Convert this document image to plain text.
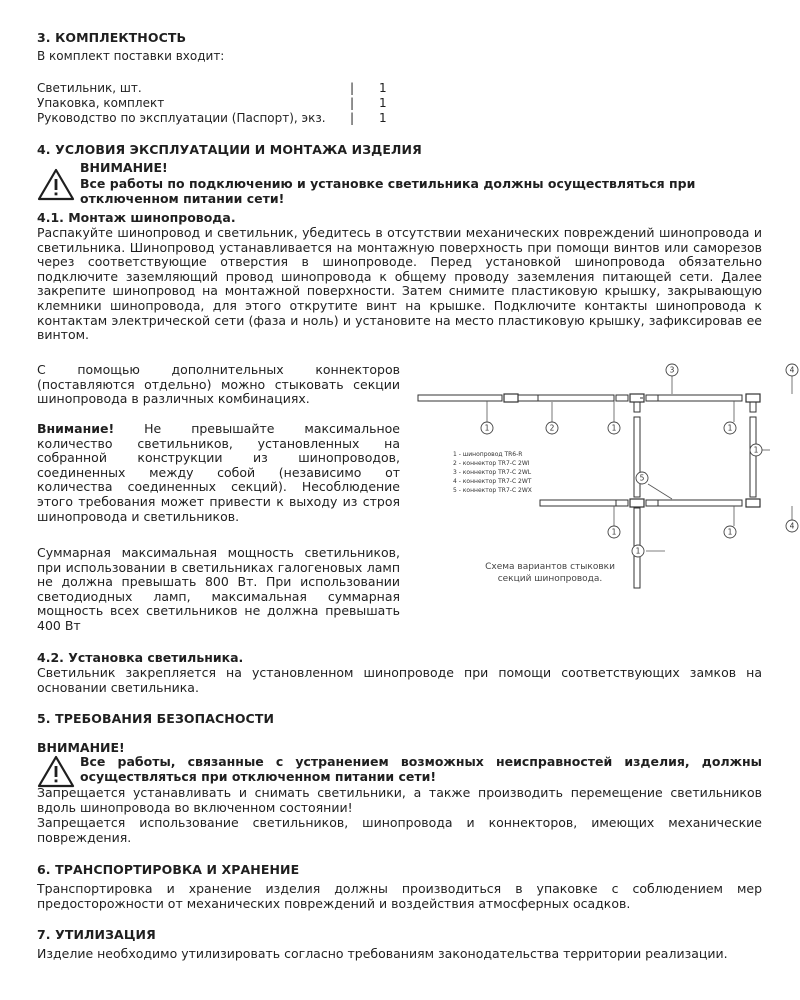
3. КОМПЛЕКТНОСТЬ
В комплект поставки входит:
Светильник, шт.	| 1
Упаковка, комплект	| 1
Руководство по эксплуатации (Паспорт), экз. | 1
4. УСЛОВИЯ ЭКСПЛУАТАЦИИ И МОНТАЖА ИЗДЕЛИЯ
ВНИМАНИЕ!
Все работы по подключению и установке светильника должны осуществляться при отключенном питании сети!
4.1. Монтаж шинопровода.
Распакуйте шинопровод и светильник, убедитесь в отсутствии механических повреждений шинопровода и светильника. Шинопровод устанавливается на монтажную поверхность при помощи винтов или саморезов через соответствующие отверстия в шинопроводе. Перед установкой шинопровода обязательно подключите заземляющий провод шинопровода к общему проводу заземления питающей сети. Далее закрепите шинопровод на монтажной поверхности. Затем снимите пластиковую крышку, закрывающую клемники шинопровода, для этого открутите винт на крышке. Подключите контакты шинопровода к контактам электрической сети (фаза и ноль) и установите на место пластиковую крышку, зафиксировав ее винтом.
С помощью дополнительных коннекторов (поставляются отдельно) можно стыковать секции шинопровода в различных комбинациях.
Внимание! Не превышайте максимальное количество светильников, установленных на собранной конструкции из шинопроводов, соединенных между собой (независимо от количества соединенных секций). Несоблюдение этого требования может привести к выходу из строя шинопровода и светильников.
Суммарная максимальная мощность светильников, при использовании в светильниках галогеновых ламп не должна превышать 800 Вт. При использовании светодиодных ламп, максимальная суммарная мощность всех светильников не должна превышать 400 Вт
1	2	1
3
1
4
1
5
1	1
4
1
1 - шинопровод TR6-R
2 - коннектор TR7-C 2WI
3 - коннектор TR7-C 2WL
4 - коннектор TR7-C 2WT
5 - коннектор TR7-C 2WX
Схема вариантов стыковки
секций шинопровода.
4.2. Установка светильника.
Светильник закрепляется на установленном шинопроводе при помощи соответствующих замков на основании светильника.
5. ТРЕБОВАНИЯ БЕЗОПАСНОСТИ
ВНИМАНИЕ!
Все работы, связанные с устранением возможных неисправностей изделия, должны осуществляться при отключенном питании сети!
Запрещается устанавливать и снимать светильники, а также производить перемещение светильников вдоль шинопровода во включенном состоянии!
Запрещается использование светильников, шинопровода и коннекторов, имеющих механические повреждения.
6. ТРАНСПОРТИРОВКА И ХРАНЕНИЕ
Транспортировка и хранение изделия должны производиться в упаковке с соблюдением мер предосторожности от механических повреждений и воздействия атмосферных осадков.
7. УТИЛИЗАЦИЯ
Изделие необходимо утилизировать согласно требованиям законодательства территории реализации.
